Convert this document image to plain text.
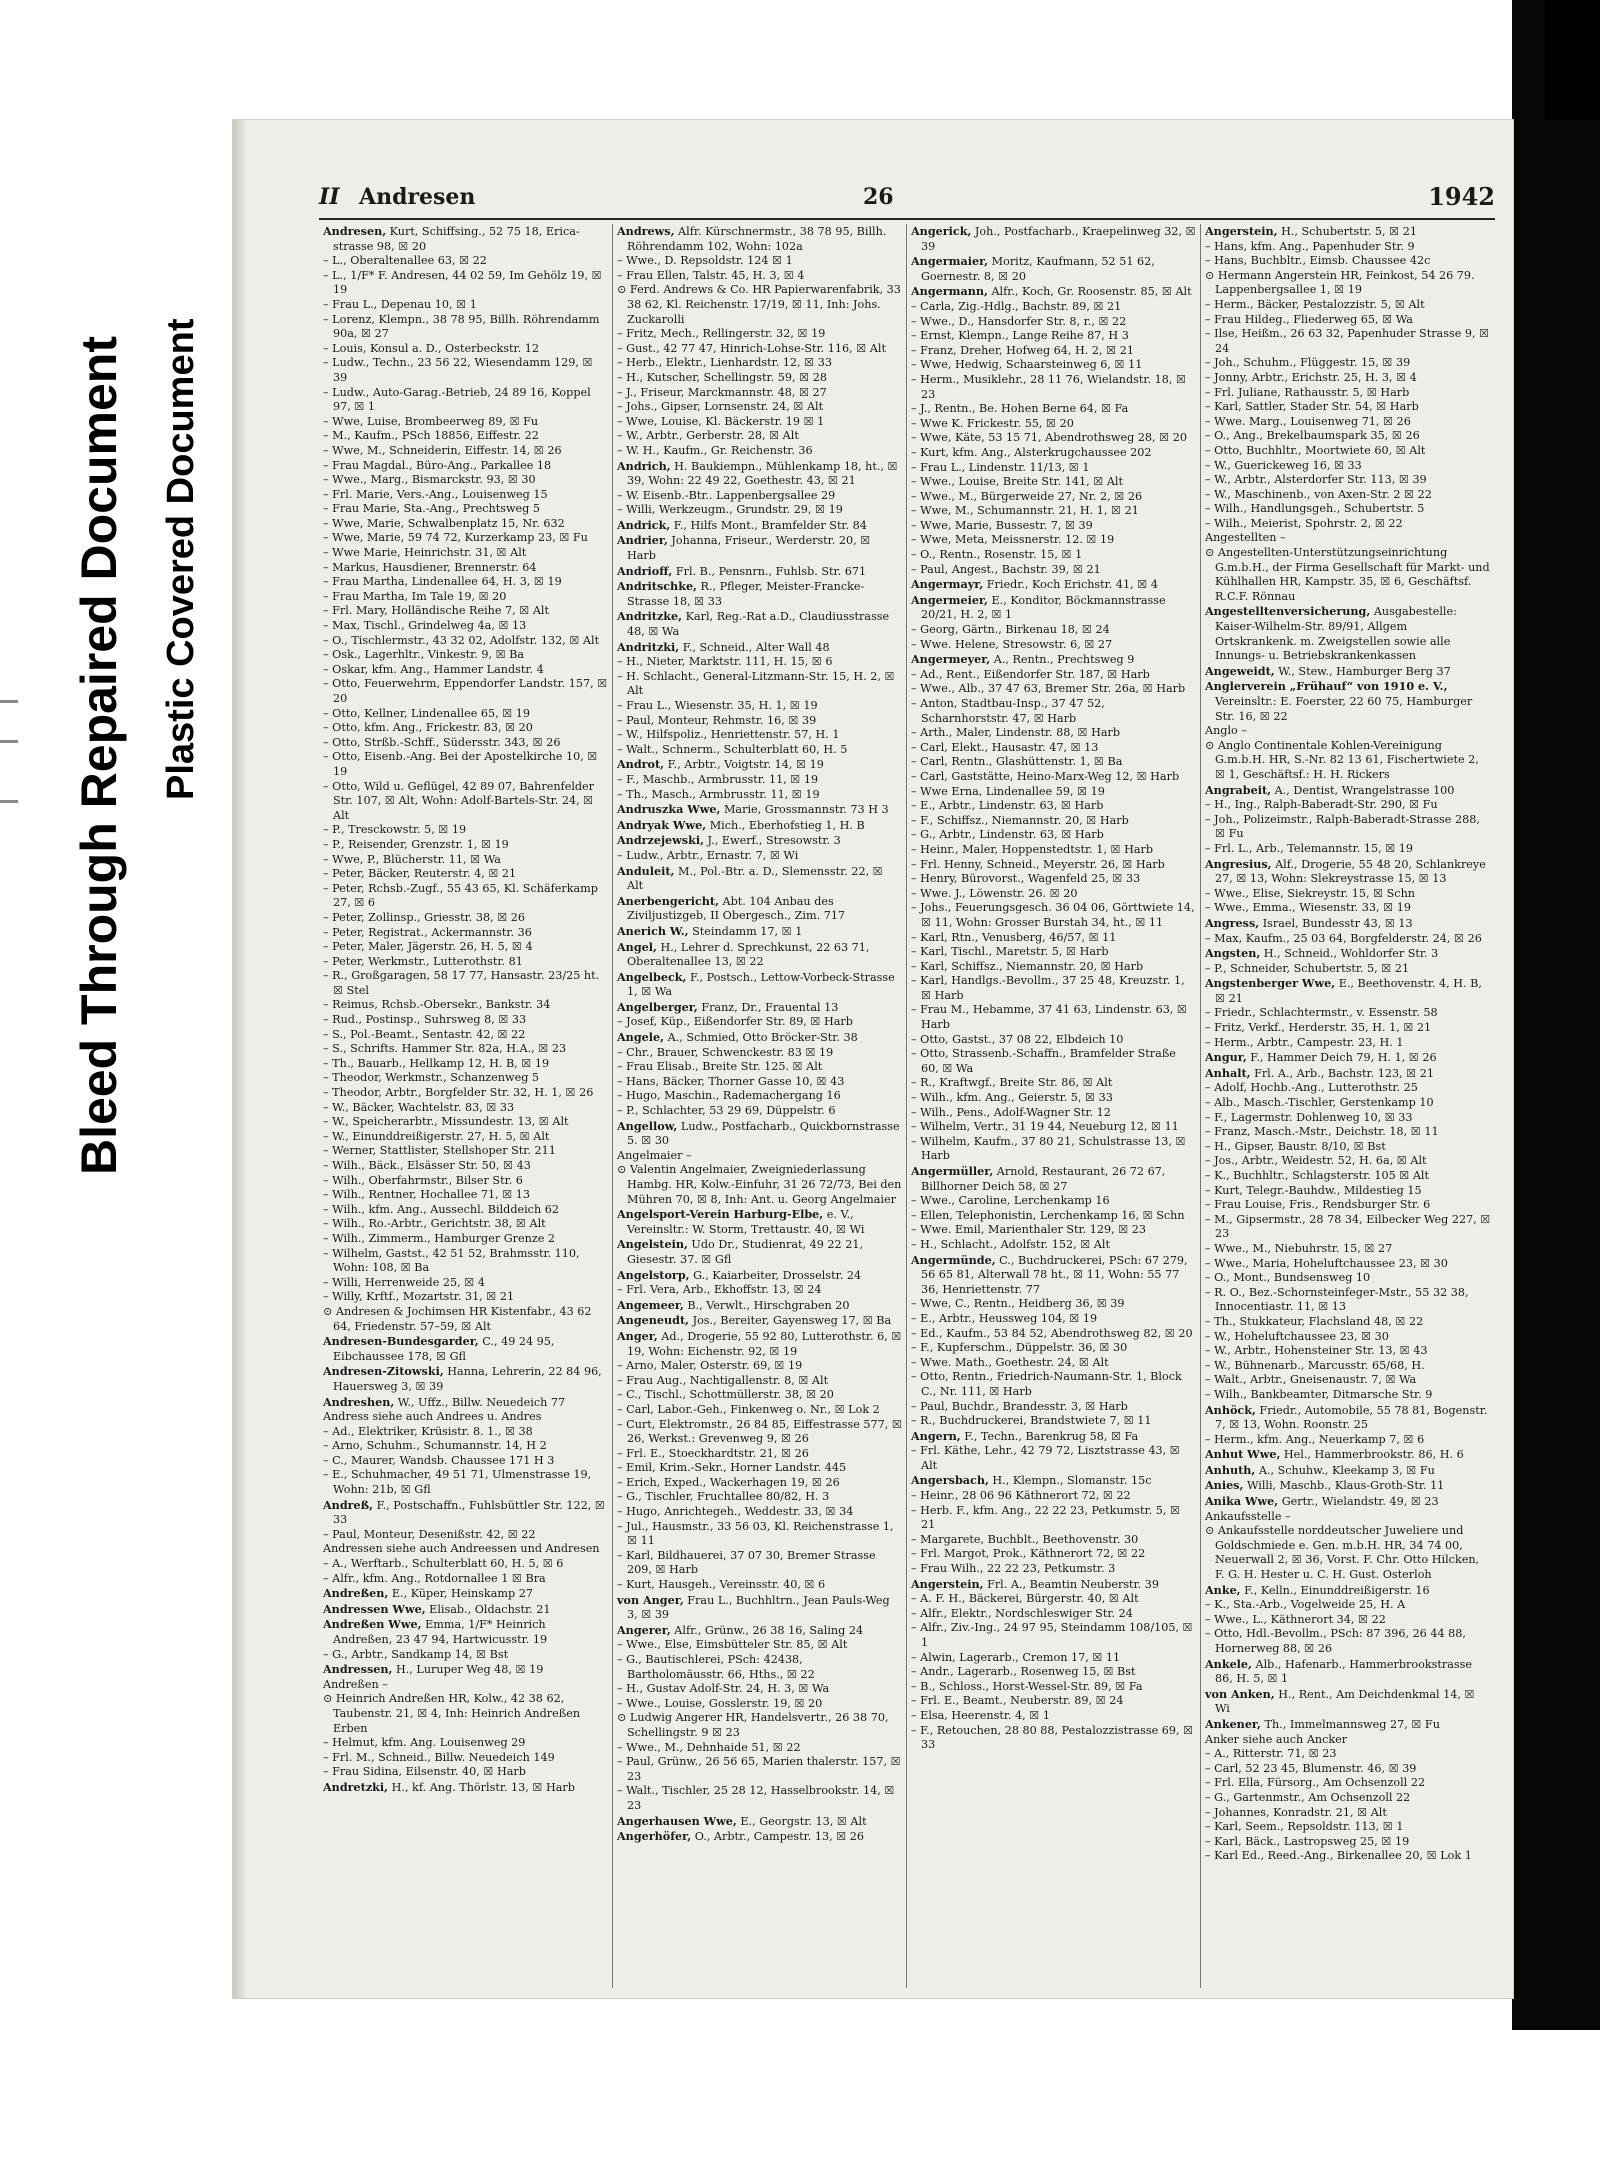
Bleed Through Repaired Document Plastic Covered Document
II Andresen	26	1942

Andresen, Kurt, Schiffsing., 52 75 18, Erica-strasse 98, ☒ 20

– L., Oberaltenallee 63, ☒ 22

– L., 1/F* F. Andresen, 44 02 59, Im Gehölz 19, ☒ 19

– Frau L., Depenau 10, ☒ 1

– Lorenz, Klempn., 38 78 95, Billh. Röhrendamm 90a, ☒ 27

– Louis, Konsul a. D., Osterbeckstr. 12

– Ludw., Techn., 23 56 22, Wiesendamm 129, ☒ 39

– Ludw., Auto-Garag.-Betrieb, 24 89 16, Koppel 97, ☒ 1

– Wwe, Luise, Brombeerweg 89, ☒ Fu

– M., Kaufm., PSch 18856, Eiffestr. 22

– Wwe, M., Schneiderin, Eiffestr. 14, ☒ 26

– Frau Magdal., Büro-Ang., Parkallee 18

– Wwe., Marg., Bismarckstr. 93, ☒ 30

– Frl. Marie, Vers.-Ang., Louisenweg 15

– Frau Marie, Sta.-Ang., Prechtsweg 5

– Wwe, Marie, Schwalbenplatz 15, Nr. 632

– Wwe, Marie, 59 74 72, Kurzerkamp 23, ☒ Fu

– Wwe Marie, Heinrichstr. 31, ☒ Alt

– Markus, Hausdiener, Brennerstr. 64

– Frau Martha, Lindenallee 64, H. 3, ☒ 19

– Frau Martha, Im Tale 19, ☒ 20

– Frl. Mary, Holländische Reihe 7, ☒ Alt

– Max, Tischl., Grindelweg 4a, ☒ 13

– O., Tischlermstr., 43 32 02, Adolfstr. 132, ☒ Alt

– Osk., Lagerhltr., Vinkestr. 9, ☒ Ba

– Oskar, kfm. Ang., Hammer Landstr. 4

– Otto, Feuerwehrm, Eppendorfer Landstr. 157, ☒ 20

– Otto, Kellner, Lindenallee 65, ☒ 19

– Otto, kfm. Ang., Frickestr. 83, ☒ 20

– Otto, Strßb.-Schff., Südersstr. 343, ☒ 26

– Otto, Eisenb.-Ang. Bei der Apostelkirche 10, ☒ 19

– Otto, Wild u. Geflügel, 42 89 07, Bahrenfelder Str. 107, ☒ Alt, Wohn: Adolf-Bartels-Str. 24, ☒ Alt

– P., Tresckowstr. 5, ☒ 19

– P., Reisender, Grenzstr. 1, ☒ 19

– Wwe, P., Blücherstr. 11, ☒ Wa

– Peter, Bäcker, Reuterstr. 4, ☒ 21

– Peter, Rchsb.-Zugf., 55 43 65, Kl. Schäferkamp 27, ☒ 6

– Peter, Zollinsp., Griesstr. 38, ☒ 26

– Peter, Registrat., Ackermannstr. 36

– Peter, Maler, Jägerstr. 26, H. 5, ☒ 4

– Peter, Werkmstr., Lutterothstr. 81

– R., Großgaragen, 58 17 77, Hansastr. 23/25 ht. ☒ Stel

– Reimus, Rchsb.-Obersekr., Bankstr. 34

– Rud., Postinsp., Suhrsweg 8, ☒ 33

– S., Pol.-Beamt., Sentastr. 42, ☒ 22

– S., Schrifts. Hammer Str. 82a, H.A., ☒ 23

– Th., Bauarb., Hellkamp 12, H. B, ☒ 19

– Theodor, Werkmstr., Schanzenweg 5

– Theodor, Arbtr., Borgfelder Str. 32, H. 1, ☒ 26

– W., Bäcker, Wachtelstr. 83, ☒ 33

– W., Speicherarbtr., Missundestr. 13, ☒ Alt

– W., Einunddreißigerstr. 27, H. 5, ☒ Alt

– Werner, Stattlister, Stellshoper Str. 211

– Wilh., Bäck., Elsässer Str. 50, ☒ 43

– Wilh., Oberfahrmstr., Bilser Str. 6

– Wilh., Rentner, Hochallee 71, ☒ 13

– Wilh., kfm. Ang., Aussechl. Bilddeich 62

– Wilh., Ro.-Arbtr., Gerichtstr. 38, ☒ Alt

– Wilh., Zimmerm., Hamburger Grenze 2

– Wilhelm, Gastst., 42 51 52, Brahmsstr. 110, Wohn: 108, ☒ Ba

– Willi, Herrenweide 25, ☒ 4

– Willy, Krftf., Mozartstr. 31, ☒ 21

⊙ Andresen & Jochimsen HR Kistenfabr., 43 62 64, Friedenstr. 57–59, ☒ Alt

Andresen-Bundesgarder, C., 49 24 95, Eibchaussee 178, ☒ Gfl

Andresen-Zitowski, Hanna, Lehrerin, 22 84 96, Hauersweg 3, ☒ 39

Andreshen, W., Uffz., Billw. Neuedeich 77

Andress siehe auch Andrees u. Andres

– Ad., Elektriker, Krüsistr. 8. 1., ☒ 38

– Arno, Schuhm., Schumannstr. 14, H 2

– C., Maurer, Wandsb. Chaussee 171 H 3

– E., Schuhmacher, 49 51 71, Ulmenstrasse 19, Wohn: 21b, ☒ Gfl

Andreß, F., Postschaffn., Fuhlsbüttler Str. 122, ☒ 33

– Paul, Monteur, Desenißstr. 42, ☒ 22

Andressen siehe auch Andreessen und Andresen

– A., Werftarb., Schulterblatt 60, H. 5, ☒ 6

– Alfr., kfm. Ang., Rotdornallee 1 ☒ Bra

Andreßen, E., Küper, Heinskamp 27

Andressen Wwe, Elisab., Oldachstr. 21

Andreßen Wwe, Emma, 1/F* Heinrich Andreßen, 23 47 94, Hartwicusstr. 19

– G., Arbtr., Sandkamp 14, ☒ Bst

Andressen, H., Luruper Weg 48, ☒ 19

Andreßen –

⊙ Heinrich Andreßen HR, Kolw., 42 38 62, Taubenstr. 21, ☒ 4, Inh: Heinrich Andreßen Erben

– Helmut, kfm. Ang. Louisenweg 29

– Frl. M., Schneid., Billw. Neuedeich 149

– Frau Sidina, Eilsenstr. 40, ☒ Harb

Andretzki, H., kf. Ang. Thörlstr. 13, ☒ Harb

Andrews, Alfr. Kürschnermstr., 38 78 95, Billh. Röhrendamm 102, Wohn: 102a

– Wwe., D. Repsoldstr. 124 ☒ 1

– Frau Ellen, Talstr. 45, H. 3, ☒ 4

⊙ Ferd. Andrews & Co. HR Papierwarenfabrik, 33 38 62, Kl. Reichenstr. 17/19, ☒ 11, Inh: Johs. Zuckarolli

– Fritz, Mech., Rellingerstr. 32, ☒ 19

– Gust., 42 77 47, Hinrich-Lohse-Str. 116, ☒ Alt

– Herb., Elektr., Lienhardstr. 12, ☒ 33

– H., Kutscher, Schellingstr. 59, ☒ 28

– J., Friseur, Marckmannstr. 48, ☒ 27

– Johs., Gipser, Lornsenstr. 24, ☒ Alt

– Wwe, Louise, Kl. Bäckerstr. 19 ☒ 1

– W., Arbtr., Gerberstr. 28, ☒ Alt

– W. H., Kaufm., Gr. Reichenstr. 36

Andrich, H. Baukiempn., Mühlenkamp 18, ht., ☒ 39, Wohn: 22 49 22, Goethestr. 43, ☒ 21

– W. Eisenb.-Btr.. Lappenbergsallee 29

– Willi, Werkzeugm., Grundstr. 29, ☒ 19

Andrick, F., Hilfs Mont., Bramfelder Str. 84

Andrier, Johanna, Friseur., Werderstr. 20, ☒ Harb

Andrioff, Frl. B., Pensnrn., Fuhlsb. Str. 671

Andritschke, R., Pfleger, Meister-Francke-Strasse 18, ☒ 33

Andritzke, Karl, Reg.-Rat a.D., Claudiusstrasse 48, ☒ Wa

Andritzki, F., Schneid., Alter Wall 48

– H., Nieter, Marktstr. 111, H. 15, ☒ 6

– H. Schlacht., General-Litzmann-Str. 15, H. 2, ☒ Alt

– Frau L., Wiesenstr. 35, H. 1, ☒ 19

– Paul, Monteur, Rehmstr. 16, ☒ 39

– W., Hilfspoliz., Henriettenstr. 57, H. 1

– Walt., Schnerm., Schulterblatt 60, H. 5

Androt, F., Arbtr., Voigtstr. 14, ☒ 19

– F., Maschb., Armbrusstr. 11, ☒ 19

– Th., Masch., Armbrusstr. 11, ☒ 19

Andruszka Wwe, Marie, Grossmannstr. 73 H 3

Andryak Wwe, Mich., Eberhofstieg 1, H. B

Andrzejewski, J., Ewerf., Stresowstr. 3

– Ludw., Arbtr., Ernastr. 7, ☒ Wi

Anduleit, M., Pol.-Btr. a. D., Slemensstr. 22, ☒ Alt

Anerbengericht, Abt. 104 Anbau des Ziviljustizgeb, II Obergesch., Zim. 717

Anerich W., Steindamm 17, ☒ 1

Angel, H., Lehrer d. Sprechkunst, 22 63 71, Oberaltenallee 13, ☒ 22

Angelbeck, F., Postsch., Lettow-Vorbeck-Strasse 1, ☒ Wa

Angelberger, Franz, Dr., Frauental 13

– Josef, Küp., Eißendorfer Str. 89, ☒ Harb

Angele, A., Schmied, Otto Bröcker-Str. 38

– Chr., Brauer, Schwenckestr. 83 ☒ 19

– Frau Elisab., Breite Str. 125. ☒ Alt

– Hans, Bäcker, Thorner Gasse 10, ☒ 43

– Hugo, Maschin., Rademachergang 16

– P., Schlachter, 53 29 69, Düppelstr. 6

Angellow, Ludw., Postfacharb., Quickbornstrasse 5. ☒ 30

Angelmaier –

⊙ Valentin Angelmaier, Zweigniederlassung Hambg. HR, Kolw.-Einfuhr, 31 26 72/73, Bei den Mühren 70, ☒ 8, Inh: Ant. u. Georg Angelmaier

Angelsport-Verein Harburg-Elbe, e. V., Vereinsltr.: W. Storm, Trettaustr. 40, ☒ Wi

Angelstein, Udo Dr., Studienrat, 49 22 21, Giesestr. 37. ☒ Gfl

Angelstorp, G., Kaiarbeiter, Drosselstr. 24

– Frl. Vera, Arb., Ekhoffstr. 13, ☒ 24

Angemeer, B., Verwlt., Hirschgraben 20

Angeneudt, Jos., Bereiter, Gayensweg 17, ☒ Ba

Anger, Ad., Drogerie, 55 92 80, Lutterothstr. 6, ☒ 19, Wohn: Eichenstr. 92, ☒ 19

– Arno, Maler, Osterstr. 69, ☒ 19

– Frau Aug., Nachtigallenstr. 8, ☒ Alt

– C., Tischl., Schottmüllerstr. 38, ☒ 20

– Carl, Labor.-Geh., Finkenweg o. Nr., ☒ Lok 2

– Curt, Elektromstr., 26 84 85, Eiffestrasse 577, ☒ 26, Werkst.: Grevenweg 9, ☒ 26

– Frl. E., Stoeckhardtstr. 21, ☒ 26

– Emil, Krim.-Sekr., Horner Landstr. 445

– Erich, Exped., Wackerhagen 19, ☒ 26

– G., Tischler, Fruchtallee 80/82, H. 3

– Hugo, Anrichtegeh., Weddestr. 33, ☒ 34

– Jul., Hausmstr., 33 56 03, Kl. Reichenstrasse 1, ☒ 11

– Karl, Bildhauerei, 37 07 30, Bremer Strasse 209, ☒ Harb

– Kurt, Hausgeh., Vereinsstr. 40, ☒ 6

von Anger, Frau L., Buchhltrn., Jean Pauls-Weg 3, ☒ 39

Angerer, Alfr., Grünw., 26 38 16, Saling 24

– Wwe., Else, Eimsbütteler Str. 85, ☒ Alt

– G., Bautischlerei, PSch: 42438, Bartholomäusstr. 66, Hths., ☒ 22

– H., Gustav Adolf-Str. 24, H. 3, ☒ Wa

– Wwe., Louise, Gosslerstr. 19, ☒ 20

⊙ Ludwig Angerer HR, Handelsvertr., 26 38 70, Schellingstr. 9 ☒ 23

– Wwe., M., Dehnhaide 51, ☒ 22

– Paul, Grünw., 26 56 65, Marien thalerstr. 157, ☒ 23

– Walt., Tischler, 25 28 12, Hasselbrookstr. 14, ☒ 23

Angerhausen Wwe, E., Georgstr. 13, ☒ Alt

Angerhöfer, O., Arbtr., Campestr. 13, ☒ 26

Angerick, Joh., Postfacharb., Kraepelinweg 32, ☒ 39

Angermaier, Moritz, Kaufmann, 52 51 62, Goernestr. 8, ☒ 20

Angermann, Alfr., Koch, Gr. Roosenstr. 85, ☒ Alt

– Carla, Zig.-Hdlg., Bachstr. 89, ☒ 21

– Wwe., D., Hansdorfer Str. 8, r., ☒ 22

– Ernst, Klempn., Lange Reihe 87, H 3

– Franz, Dreher, Hofweg 64, H. 2, ☒ 21

– Wwe, Hedwig, Schaarsteinweg 6, ☒ 11

– Herm., Musiklehr., 28 11 76, Wielandstr. 18, ☒ 23

– J., Rentn., Be. Hohen Berne 64, ☒ Fa

– Wwe K. Frickestr. 55, ☒ 20

– Wwe, Käte, 53 15 71, Abendrothsweg 28, ☒ 20

– Kurt, kfm. Ang., Alsterkrugchaussee 202

– Frau L., Lindenstr. 11/13, ☒ 1

– Wwe., Louise, Breite Str. 141, ☒ Alt

– Wwe., M., Bürgerweide 27, Nr. 2, ☒ 26

– Wwe, M., Schumannstr. 21, H. 1, ☒ 21

– Wwe, Marie, Bussestr. 7, ☒ 39

– Wwe, Meta, Meissnerstr. 12. ☒ 19

– O., Rentn., Rosenstr. 15, ☒ 1

– Paul, Angest., Bachstr. 39, ☒ 21

Angermayr, Friedr., Koch Erichstr. 41, ☒ 4

Angermeier, E., Konditor, Böckmannstrasse 20/21, H. 2, ☒ 1

– Georg, Gärtn., Birkenau 18, ☒ 24

– Wwe. Helene, Stresowstr. 6, ☒ 27

Angermeyer, A., Rentn., Prechtsweg 9

– Ad., Rent., Eißendorfer Str. 187, ☒ Harb

– Wwe., Alb., 37 47 63, Bremer Str. 26a, ☒ Harb

– Anton, Stadtbau-Insp., 37 47 52, Scharnhorststr. 47, ☒ Harb

– Arth., Maler, Lindenstr. 88, ☒ Harb

– Carl, Elekt., Hausastr. 47, ☒ 13

– Carl, Rentn., Glashüttenstr. 1, ☒ Ba

– Carl, Gaststätte, Heino-Marx-Weg 12, ☒ Harb

– Wwe Erna, Lindenallee 59, ☒ 19

– E., Arbtr., Lindenstr. 63, ☒ Harb

– F., Schiffsz., Niemannstr. 20, ☒ Harb

– G., Arbtr., Lindenstr. 63, ☒ Harb

– Heinr., Maler, Hoppenstedtstr. 1, ☒ Harb

– Frl. Henny, Schneid., Meyerstr. 26, ☒ Harb

– Henry, Bürovorst., Wagenfeld 25, ☒ 33

– Wwe. J., Löwenstr. 26. ☒ 20

– Johs., Feuerungsgesch. 36 04 06, Görttwiete 14, ☒ 11, Wohn: Grosser Burstah 34, ht., ☒ 11

– Karl, Rtn., Venusberg, 46/57, ☒ 11

– Karl, Tischl., Maretstr. 5, ☒ Harb

– Karl, Schiffsz., Niemannstr. 20, ☒ Harb

– Karl, Handlgs.-Bevollm., 37 25 48, Kreuzstr. 1, ☒ Harb

– Frau M., Hebamme, 37 41 63, Lindenstr. 63, ☒ Harb

– Otto, Gastst., 37 08 22, Elbdeich 10

– Otto, Strassenb.-Schaffn., Bramfelder Straße 60, ☒ Wa

– R., Kraftwgf., Breite Str. 86, ☒ Alt

– Wilh., kfm. Ang., Geierstr. 5, ☒ 33

– Wilh., Pens., Adolf-Wagner Str. 12

– Wilhelm, Vertr., 31 19 44, Neueburg 12, ☒ 11

– Wilhelm, Kaufm., 37 80 21, Schulstrasse 13, ☒ Harb

Angermüller, Arnold, Restaurant, 26 72 67, Billhorner Deich 58, ☒ 27

– Wwe., Caroline, Lerchenkamp 16

– Ellen, Telephonistin, Lerchenkamp 16, ☒ Schn

– Wwe. Emil, Marienthaler Str. 129, ☒ 23

– H., Schlacht., Adolfstr. 152, ☒ Alt

Angermünde, C., Buchdruckerei, PSch: 67 279, 56 65 81, Alterwall 78 ht., ☒ 11, Wohn: 55 77 36, Henriettenstr. 77

– Wwe, C., Rentn., Heidberg 36, ☒ 39

– E., Arbtr., Heussweg 104, ☒ 19

– Ed., Kaufm., 53 84 52, Abendrothsweg 82, ☒ 20

– F., Kupferschm., Düppelstr. 36, ☒ 30

– Wwe. Math., Goethestr. 24, ☒ Alt

– Otto, Rentn., Friedrich-Naumann-Str. 1, Block C., Nr. 111, ☒ Harb

– Paul, Buchdr., Brandesstr. 3, ☒ Harb

– R., Buchdruckerei, Brandstwiete 7, ☒ 11

Angern, F., Techn., Barenkrug 58, ☒ Fa

– Frl. Käthe, Lehr., 42 79 72, Lisztstrasse 43, ☒ Alt

Angersbach, H., Klempn., Slomanstr. 15c

– Heinr., 28 06 96 Käthnerort 72, ☒ 22

– Herb. F., kfm. Ang., 22 22 23, Petkumstr. 5, ☒ 21

– Margarete, Buchblt., Beethovenstr. 30

– Frl. Margot, Prok., Käthnerort 72, ☒ 22

– Frau Wilh., 22 22 23, Petkumstr. 3

Angerstein, Frl. A., Beamtin Neuberstr. 39

– A. F. H., Bäckerei, Bürgerstr. 40, ☒ Alt

– Alfr., Elektr., Nordschleswiger Str. 24

– Alfr., Ziv.-Ing., 24 97 95, Steindamm 108/105, ☒ 1

– Alwin, Lagerarb., Cremon 17, ☒ 11

– Andr., Lagerarb., Rosenweg 15, ☒ Bst

– B., Schloss., Horst-Wessel-Str. 89, ☒ Fa

– Frl. E., Beamt., Neuberstr. 89, ☒ 24

– Elsa, Heerenstr. 4, ☒ 1

– F., Retouchen, 28 80 88, Pestalozzistrasse 69, ☒ 33

Angerstein, H., Schubertstr. 5, ☒ 21

– Hans, kfm. Ang., Papenhuder Str. 9

– Hans, Buchbltr., Eimsb. Chaussee 42c

⊙ Hermann Angerstein HR, Feinkost, 54 26 79. Lappenbergsallee 1, ☒ 19

– Herm., Bäcker, Pestalozzistr. 5, ☒ Alt

– Frau Hildeg., Fliederweg 65, ☒ Wa

– Ilse, Heißm., 26 63 32, Papenhuder Strasse 9, ☒ 24

– Joh., Schuhm., Flüggestr. 15, ☒ 39

– Jonny, Arbtr., Erichstr. 25, H. 3, ☒ 4

– Frl. Juliane, Rathausstr. 5, ☒ Harb

– Karl, Sattler, Stader Str. 54, ☒ Harb

– Wwe. Marg., Louisenweg 71, ☒ 26

– O., Ang., Brekelbaumspark 35, ☒ 26

– Otto, Buchhltr., Moortwiete 60, ☒ Alt

– W., Guerickeweg 16, ☒ 33

– W., Arbtr., Alsterdorfer Str. 113, ☒ 39

– W., Maschinenb., von Axen-Str. 2 ☒ 22

– Wilh., Handlungsgeh., Schubertstr. 5

– Wilh., Meierist, Spohrstr. 2, ☒ 22

Angestellten –

⊙ Angestellten-Unterstützungseinrichtung G.m.b.H., der Firma Gesellschaft für Markt- und Kühlhallen HR, Kampstr. 35, ☒ 6, Geschäftsf. R.C.F. Rönnau

Angestelltenversicherung, Ausgabestelle: Kaiser-Wilhelm-Str. 89/91, Allgem Ortskrankenk. m. Zweigstellen sowie alle Innungs- u. Betriebskrankenkassen

Angeweidt, W., Stew., Hamburger Berg 37

Anglerverein „Frühauf“ von 1910 e. V., Vereinsltr.: E. Foerster, 22 60 75, Hamburger Str. 16, ☒ 22

Anglo –

⊙ Anglo Continentale Kohlen-Vereinigung G.m.b.H. HR, S.-Nr. 82 13 61, Fischertwiete 2, ☒ 1, Geschäftsf.: H. H. Rickers

Angrabeit, A., Dentist, Wrangelstrasse 100

– H., Ing., Ralph-Baberadt-Str. 290, ☒ Fu

– Joh., Polizeimstr., Ralph-Baberadt-Strasse 288, ☒ Fu

– Frl. L., Arb., Telemannstr. 15, ☒ 19

Angresius, Alf., Drogerie, 55 48 20, Schlankreye 27, ☒ 13, Wohn: Slekreystrasse 15, ☒ 13

– Wwe., Elise, Siekreystr. 15, ☒ Schn

– Wwe., Emma., Wiesenstr. 33, ☒ 19

Angress, Israel, Bundesstr 43, ☒ 13

– Max, Kaufm., 25 03 64, Borgfelderstr. 24, ☒ 26

Angsten, H., Schneid., Wohldorfer Str. 3

– P., Schneider, Schubertstr. 5, ☒ 21

Angstenberger Wwe, E., Beethovenstr. 4, H. B, ☒ 21

– Friedr., Schlachtermstr., v. Essenstr. 58

– Fritz, Verkf., Herderstr. 35, H. 1, ☒ 21

– Herm., Arbtr., Campestr. 23, H. 1

Angur, F., Hammer Deich 79, H. 1, ☒ 26

Anhalt, Frl. A., Arb., Bachstr. 123, ☒ 21

– Adolf, Hochb.-Ang., Lutterothstr. 25

– Alb., Masch.-Tischler, Gerstenkamp 10

– F., Lagermstr. Dohlenweg 10, ☒ 33

– Franz, Masch.-Mstr., Deichstr. 18, ☒ 11

– H., Gipser, Baustr. 8/10, ☒ Bst

– Jos., Arbtr., Weidestr. 52, H. 6a, ☒ Alt

– K., Buchhltr., Schlagsterstr. 105 ☒ Alt

– Kurt, Telegr.-Bauhdw., Mildestieg 15

– Frau Louise, Fris., Rendsburger Str. 6

– M., Gipsermstr., 28 78 34, Eilbecker Weg 227, ☒ 23

– Wwe., M., Niebuhrstr. 15, ☒ 27

– Wwe., Maria, Hoheluftchaussee 23, ☒ 30

– O., Mont., Bundsensweg 10

– R. O., Bez.-Schornsteinfeger-Mstr., 55 32 38, Innocentiastr. 11, ☒ 13

– Th., Stukkateur, Flachsland 48, ☒ 22

– W., Hoheluftchaussee 23, ☒ 30

– W., Arbtr., Hohensteiner Str. 13, ☒ 43

– W., Bühnenarb., Marcusstr. 65/68, H.

– Walt., Arbtr., Gneisenaustr. 7, ☒ Wa

– Wilh., Bankbeamter, Ditmarsche Str. 9

Anhöck, Friedr., Automobile, 55 78 81, Bogenstr. 7, ☒ 13, Wohn. Roonstr. 25

– Herm., kfm. Ang., Neuerkamp 7, ☒ 6

Anhut Wwe, Hel., Hammerbrookstr. 86, H. 6

Anhuth, A., Schuhw., Kleekamp 3, ☒ Fu

Anies, Willi, Maschb., Klaus-Groth-Str. 11

Anika Wwe, Gertr., Wielandstr. 49, ☒ 23

Ankaufsstelle –

⊙ Ankaufsstelle norddeutscher Juweliere und Goldschmiede e. Gen. m.b.H. HR, 34 74 00, Neuerwall 2, ☒ 36, Vorst. F. Chr. Otto Hilcken, F. G. H. Hester u. C. H. Gust. Osterloh

Anke, F., Kelln., Einunddreißigerstr. 16

– K., Sta.-Arb., Vogelweide 25, H. A

– Wwe., L., Käthnerort 34, ☒ 22

– Otto, Hdl.-Bevollm., PSch: 87 396, 26 44 88, Hornerweg 88, ☒ 26

Ankele, Alb., Hafenarb., Hammerbrookstrasse 86, H. 5, ☒ 1

von Anken, H., Rent., Am Deichdenkmal 14, ☒ Wi

Ankener, Th., Immelmannsweg 27, ☒ Fu

Anker siehe auch Ancker

– A., Ritterstr. 71, ☒ 23

– Carl, 52 23 45, Blumenstr. 46, ☒ 39

– Frl. Ella, Fürsorg., Am Ochsenzoll 22

– G., Gartenmstr., Am Ochsenzoll 22

– Johannes, Konradstr. 21, ☒ Alt

– Karl, Seem., Repsoldstr. 113, ☒ 1

– Karl, Bäck., Lastropsweg 25, ☒ 19

– Karl Ed., Reed.-Ang., Birkenallee 20, ☒ Lok 1
